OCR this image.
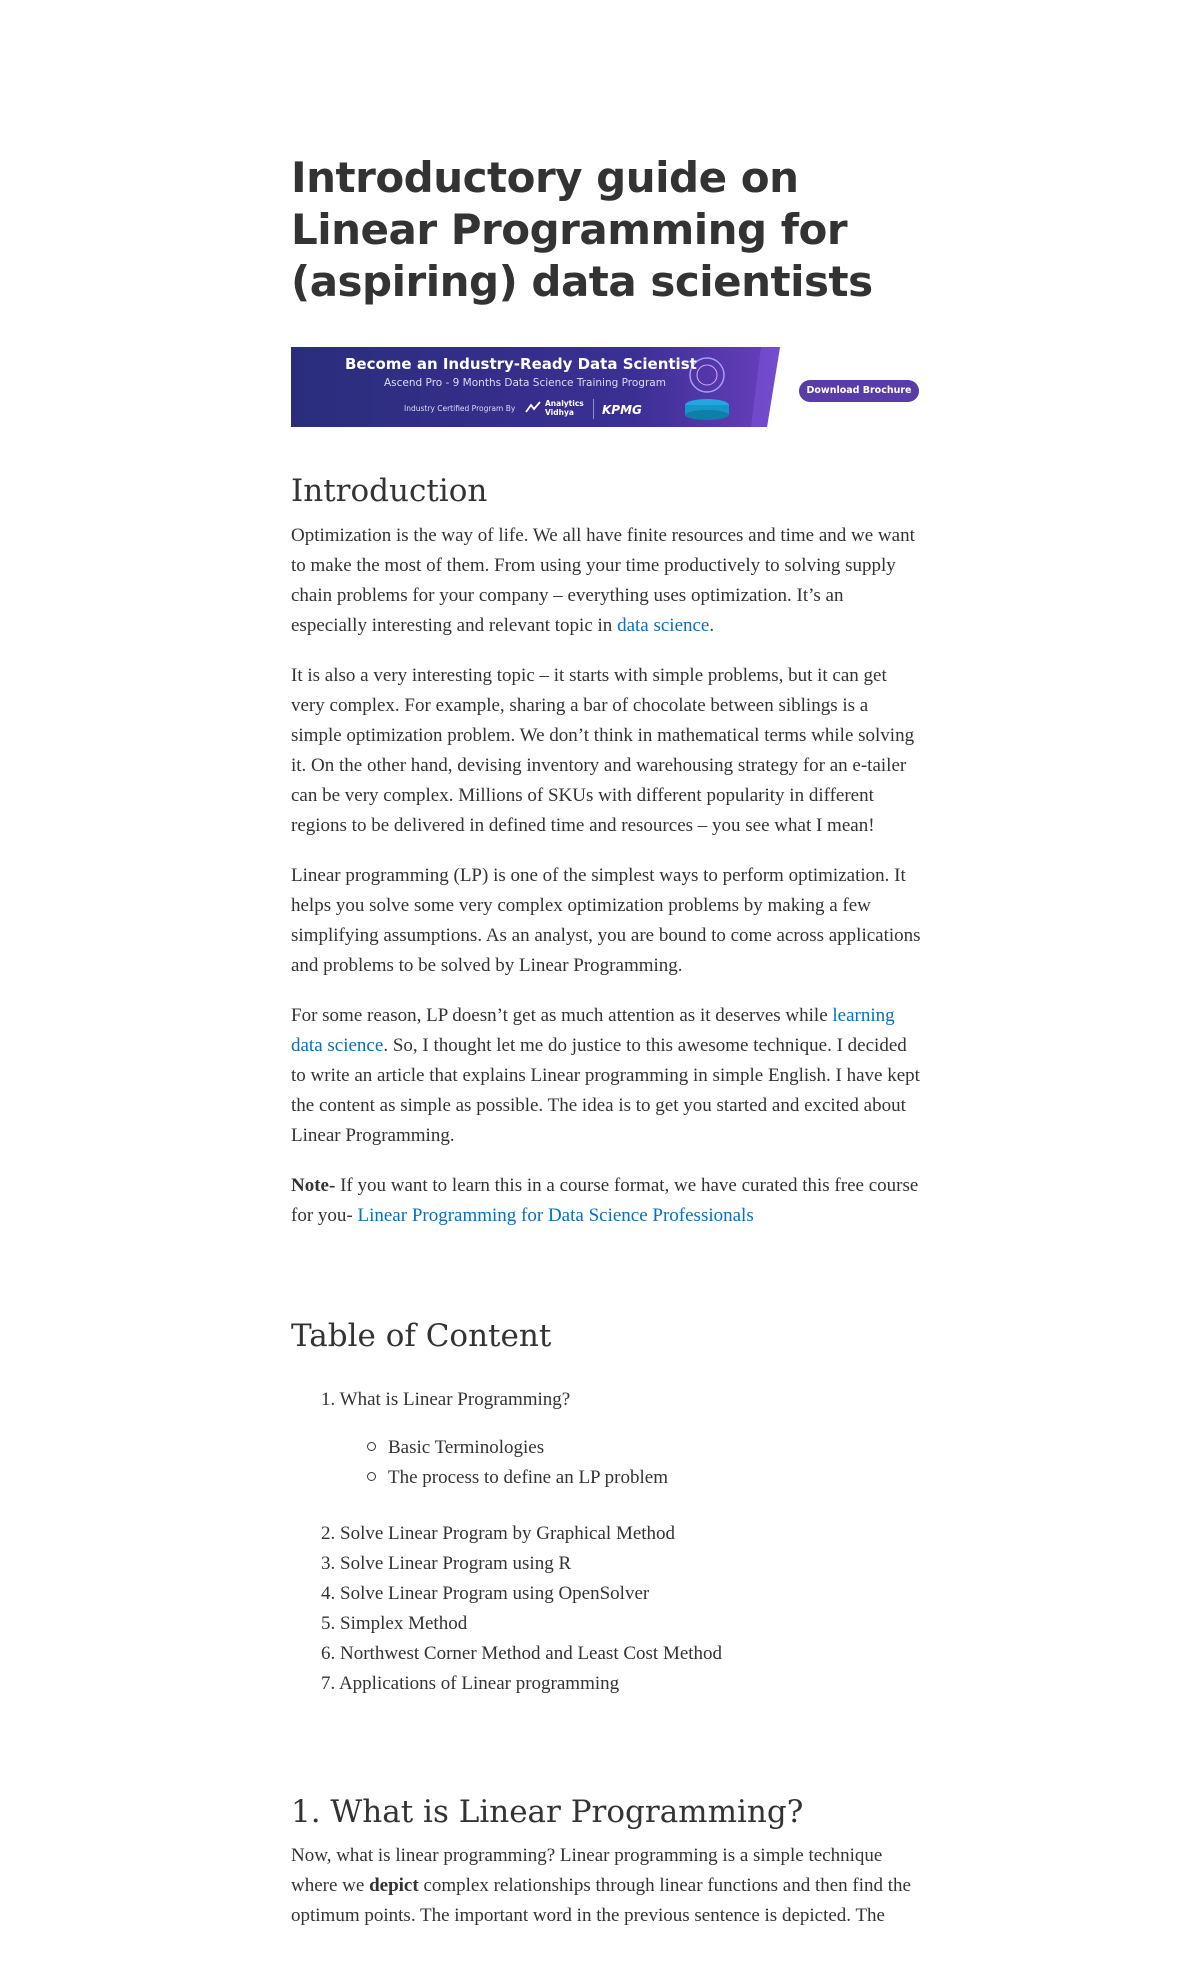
Introductory guide on Linear Programming for (aspiring) data scientists
Become an Industry-Ready Data Scientist
Ascend Pro - 9 Months Data Science Training Program
Industry Certified Program By
Analytics
Vidhya KPMG
Download Brochure
Introduction

Optimization is the way of life. We all have finite resources and time and we want to make the most of them. From using your time productively to solving supply chain problems for your company – everything uses optimization. It’s an especially interesting and relevant topic in data science.

It is also a very interesting topic – it starts with simple problems, but it can get very complex. For example, sharing a bar of chocolate between siblings is a simple optimization problem. We don’t think in mathematical terms while solving it. On the other hand, devising inventory and warehousing strategy for an e-tailer can be very complex. Millions of SKUs with different popularity in different regions to be delivered in defined time and resources – you see what I mean!

Linear programming (LP) is one of the simplest ways to perform optimization. It helps you solve some very complex optimization problems by making a few simplifying assumptions. As an analyst, you are bound to come across applications and problems to be solved by Linear Programming.

For some reason, LP doesn’t get as much attention as it deserves while learning data science. So, I thought let me do justice to this awesome technique. I decided to write an article that explains Linear programming in simple English. I have kept the content as simple as possible. The idea is to get you started and excited about Linear Programming.

Note- If you want to learn this in a course format, we have curated this free course for you- Linear Programming for Data Science Professionals

Table of Content
1. What is Linear Programming?
Basic Terminologies
The process to define an LP problem
2. Solve Linear Program by Graphical Method
3. Solve Linear Program using R
4. Solve Linear Program using OpenSolver
5. Simplex Method
6. Northwest Corner Method and Least Cost Method
7. Applications of Linear programming
1. What is Linear Programming?

Now, what is linear programming? Linear programming is a simple technique where we depict complex relationships through linear functions and then find the optimum points. The important word in the previous sentence is depicted. The
